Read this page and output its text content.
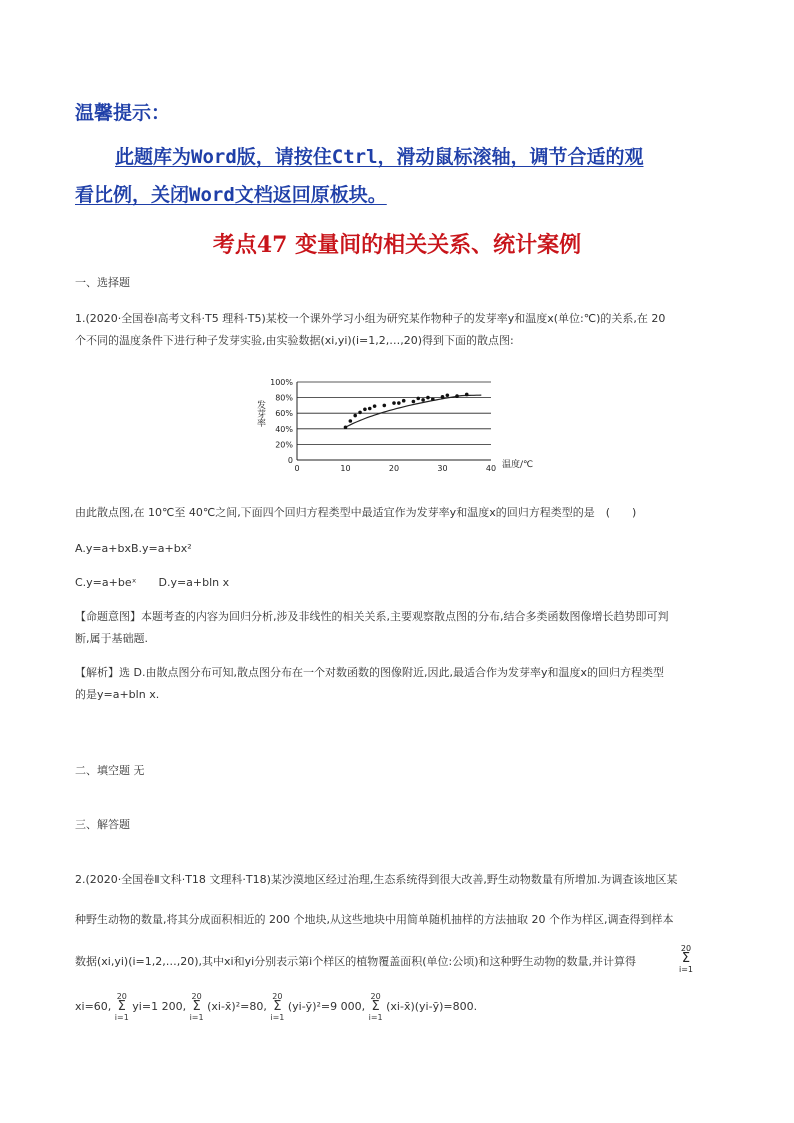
温馨提示：
此题库为Word版，请按住Ctrl，滑动鼠标滚轴，调节合适的观
看比例，关闭Word文档返回原板块。
考点47 变量间的相关关系、统计案例
一、选择题
1.(2020·全国卷Ⅰ高考文科·T5 理科·T5)某校一个课外学习小组为研究某作物种子的发芽率y和温度x(单位:℃)的关系,在 20
个不同的温度条件下进行种子发芽实验,由实验数据(xi,yi)(i=1,2,…,20)得到下面的散点图:
0
20%
40%
60%
80%
100%
0	10	20	30	40
发芽率
温度/℃
由此散点图,在 10℃至 40℃之间,下面四个回归方程类型中最适宜作为发芽率y和温度x的回归方程类型的是　(　　)
A.y=a+bxB.y=a+bx²
C.y=a+beˣ　　D.y=a+bln x
【命题意图】本题考查的内容为回归分析,涉及非线性的相关关系,主要观察散点图的分布,结合多类函数图像增长趋势即可判
断,属于基础题.
【解析】选 D.由散点图分布可知,散点图分布在一个对数函数的图像附近,因此,最适合作为发芽率y和温度x的回归方程类型
的是y=a+bln x.
二、填空题 无
三、解答题
2.(2020·全国卷Ⅱ文科·T18 文理科·T18)某沙漠地区经过治理,生态系统得到很大改善,野生动物数量有所增加.为调查该地区某
种野生动物的数量,将其分成面积相近的 200 个地块,从这些地块中用简单随机抽样的方法抽取 20 个作为样区,调查得到样本
数据(xi,yi)(i=1,2,…,20),其中xi和yi分别表示第i个样区的植物覆盖面积(单位:公顷)和这种野生动物的数量,并计算得
20
Σ
i=1
xi=60, 20
Σ
i=1 yi=1 200, 20
Σ
i=1 (xi-x̄)²=80, 20
Σ
i=1 (yi-ȳ)²=9 000, 20
Σ
i=1 (xi-x̄)(yi-ȳ)=800.
